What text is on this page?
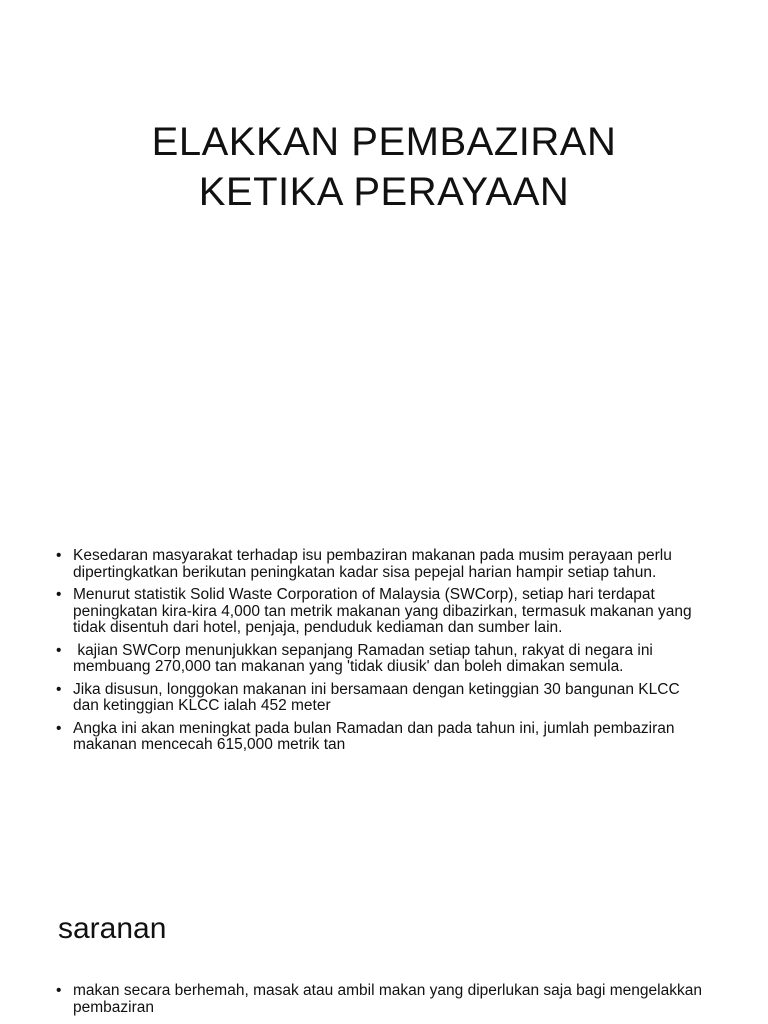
ELAKKAN PEMBAZIRAN
KETIKA PERAYAAN
• Kesedaran masyarakat terhadap isu pembaziran makanan pada musim perayaan perlu dipertingkatkan berikutan peningkatan kadar sisa pepejal harian hampir setiap tahun.
• Menurut statistik Solid Waste Corporation of Malaysia (SWCorp), setiap hari terdapat peningkatan kira-kira 4,000 tan metrik makanan yang dibazirkan, termasuk makanan yang tidak disentuh dari hotel, penjaja, penduduk kediaman dan sumber lain.
• kajian SWCorp menunjukkan sepanjang Ramadan setiap tahun, rakyat di negara ini membuang 270,000 tan makanan yang 'tidak diusik' dan boleh dimakan semula.
• Jika disusun, longgokan makanan ini bersamaan dengan ketinggian 30 bangunan KLCC dan ketinggian KLCC ialah 452 meter
• Angka ini akan meningkat pada bulan Ramadan dan pada tahun ini, jumlah pembaziran makanan mencecah 615,000 metrik tan
saranan
• makan secara berhemah, masak atau ambil makan yang diperlukan saja bagi mengelakkan pembaziran
